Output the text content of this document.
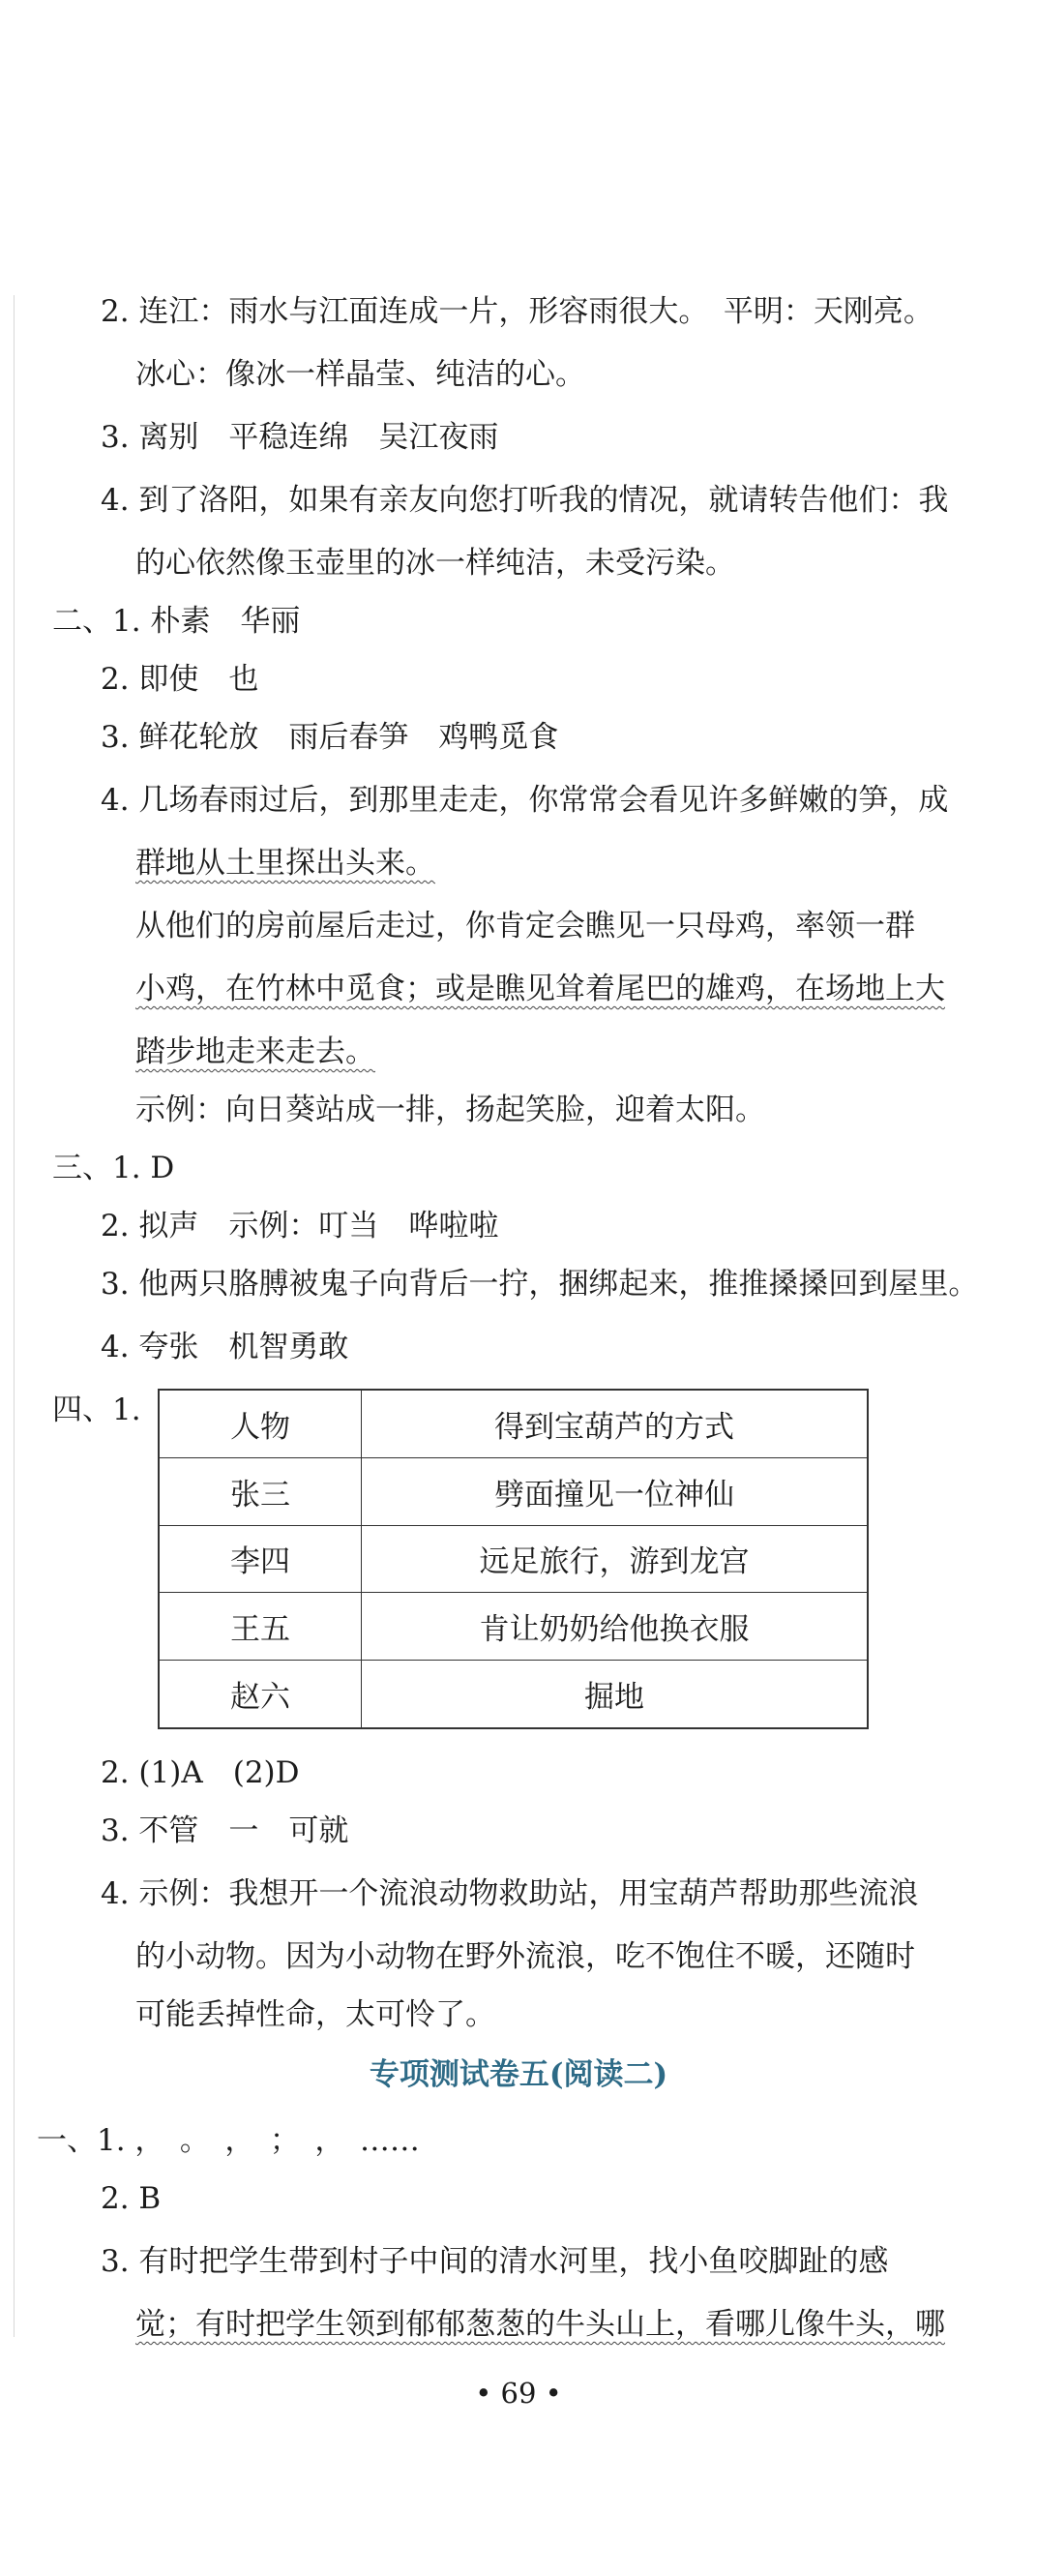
2. 连江：雨水与江面连成一片，形容雨很大。　平明：天刚亮。
冰心：像冰一样晶莹、纯洁的心。
3. 离别　平稳连绵　吴江夜雨
4. 到了洛阳，如果有亲友向您打听我的情况，就请转告他们：我
的心依然像玉壶里的冰一样纯洁，未受污染。
二、1. 朴素　华丽
2. 即使　也
3. 鲜花轮放　雨后春笋　鸡鸭觅食
4. 几场春雨过后，到那里走走，你常常会看见许多鲜嫩的笋，成
群地从土里探出头来。
从他们的房前屋后走过，你肯定会瞧见一只母鸡，率领一群
小鸡，在竹林中觅食；或是瞧见耸着尾巴的雄鸡，在场地上大
踏步地走来走去。
示例：向日葵站成一排，扬起笑脸，迎着太阳。
三、1. D
2. 拟声　示例：叮当　哗啦啦
3. 他两只胳膊被鬼子向背后一拧，捆绑起来，推推搡搡回到屋里。
4. 夸张　机智勇敢
四、1.	人物	得到宝葫芦的方式
张三	劈面撞见一位神仙
李四	远足旅行，游到龙宫
王五	肯让奶奶给他换衣服
赵六	掘地
2. (1)A　(2)D
3. 不管　一　可就
4. 示例：我想开一个流浪动物救助站，用宝葫芦帮助那些流浪
的小动物。因为小动物在野外流浪，吃不饱住不暖，还随时
可能丢掉性命，太可怜了。
专项测试卷五(阅读二)
一、1. ，　。　，　；　，　……
2. B
3. 有时把学生带到村子中间的清水河里，找小鱼咬脚趾的感
觉；有时把学生领到郁郁葱葱的牛头山上，看哪儿像牛头，哪
• 69 •
